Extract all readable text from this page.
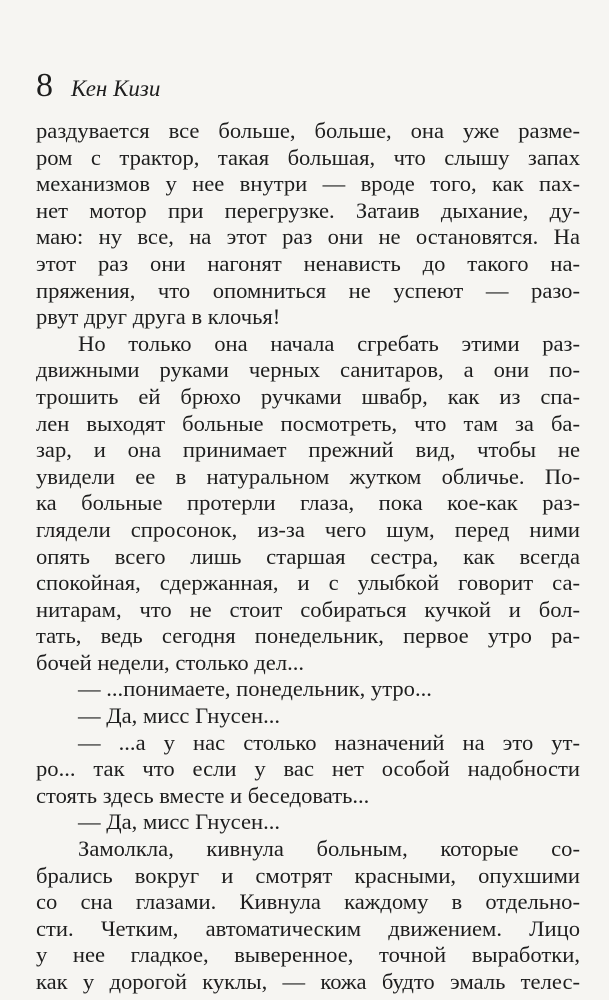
8 Кен Кизи
раздувается все больше, больше, она уже разме-
ром с трактор, такая большая, что слышу запах
механизмов у нее внутри — вроде того, как пах-
нет мотор при перегрузке. Затаив дыхание, ду-
маю: ну все, на этот раз они не остановятся. На
этот раз они нагонят ненависть до такого на-
пряжения, что опомниться не успеют — разо-
рвут друг друга в клочья!
Но только она начала сгребать этими раз-
движными руками черных санитаров, а они по-
трошить ей брюхо ручками швабр, как из спа-
лен выходят больные посмотреть, что там за ба-
зар, и она принимает прежний вид, чтобы не
увидели ее в натуральном жутком обличье. По-
ка больные протерли глаза, пока кое-как раз-
глядели спросонок, из-за чего шум, перед ними
опять всего лишь старшая сестра, как всегда
спокойная, сдержанная, и с улыбкой говорит са-
нитарам, что не стоит собираться кучкой и бол-
тать, ведь сегодня понедельник, первое утро ра-
бочей недели, столько дел...
— ...понимаете, понедельник, утро...
— Да, мисс Гнусен...
— ...а у нас столько назначений на это ут-
ро... так что если у вас нет особой надобности
стоять здесь вместе и беседовать...
— Да, мисс Гнусен...
Замолкла, кивнула больным, которые со-
брались вокруг и смотрят красными, опухшими
со сна глазами. Кивнула каждому в отдельно-
сти. Четким, автоматическим движением. Лицо
у нее гладкое, выверенное, точной выработки,
как у дорогой куклы, — кожа будто эмаль телес-
